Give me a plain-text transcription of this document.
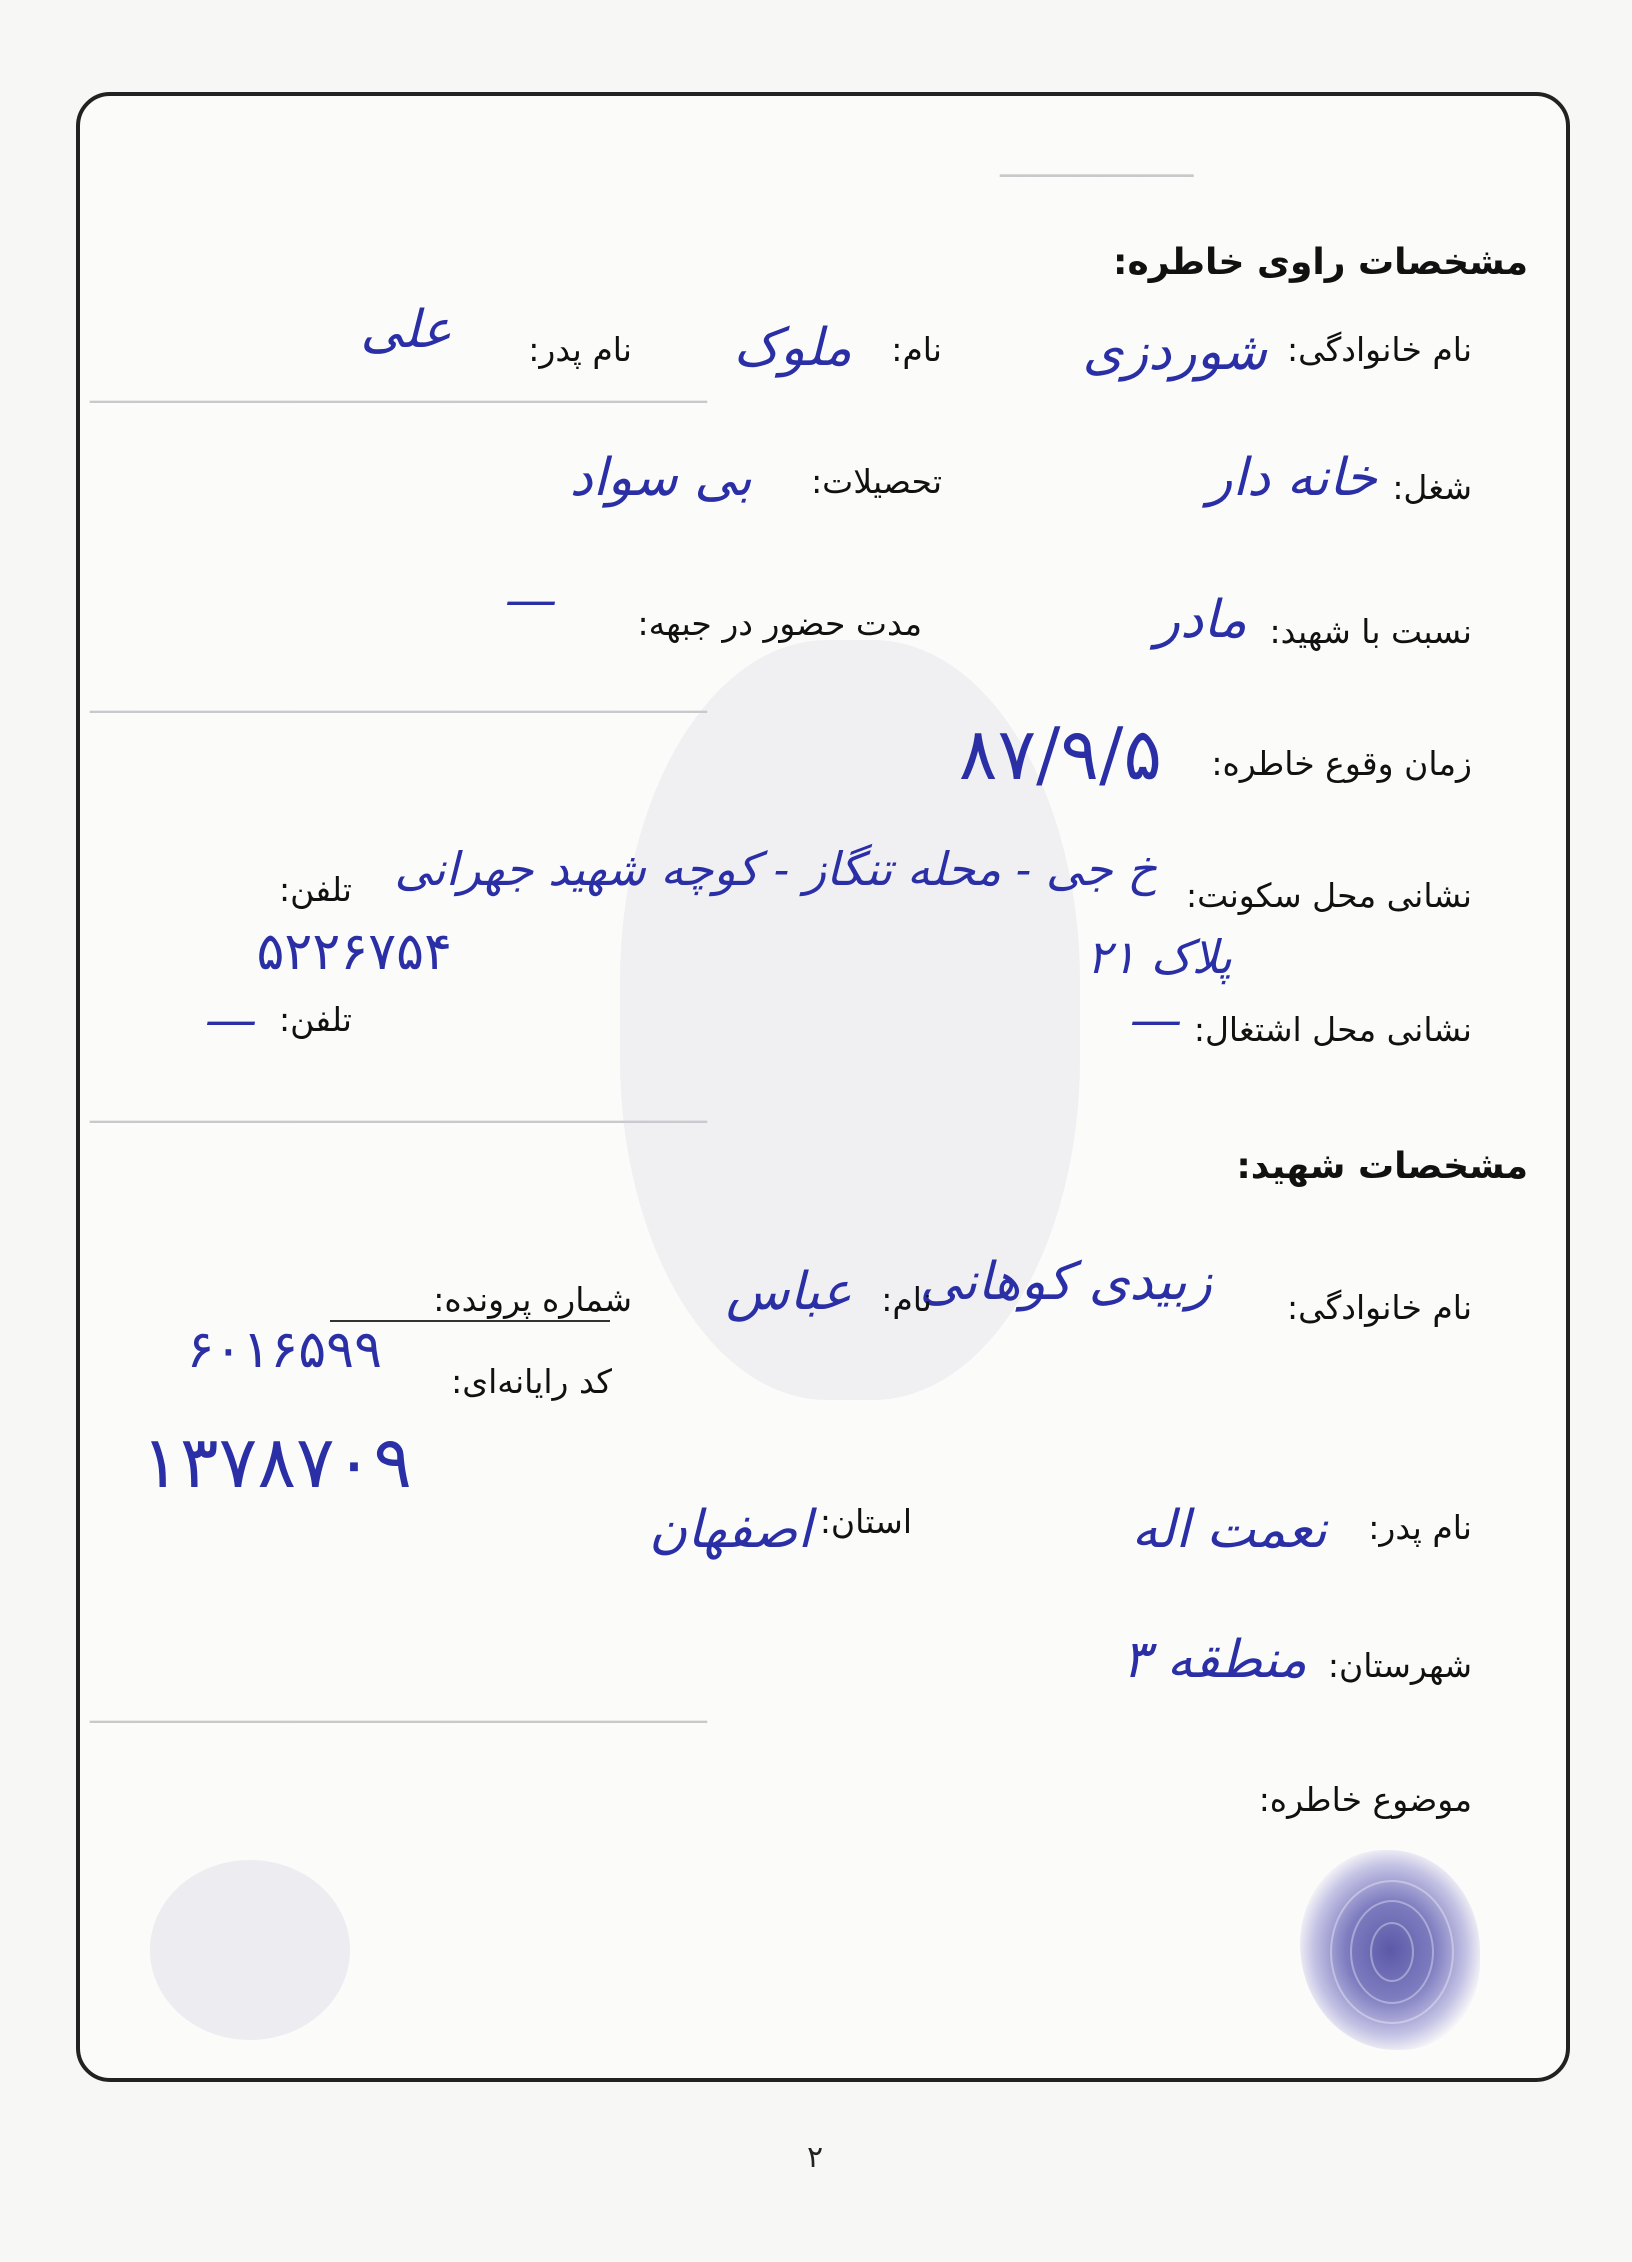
ــــــــــــــــــــــ
ـــــــــــــــــــــــــــــــــــــــــــــــــــــــــــــــــــــــــــــــــ
ـــــــــــــــــــــــــــــــــــــــــــــــــــــــــــــــــــــــــــــــــ
ـــــــــــــــــــــــــــــــــــــــــــــــــــــــــــــــــــــــــــــــــ
ـــــــــــــــــــــــــــــــــــــــــــــــــــــــــــــــــــــــــــــــــ
مشخصات راوی خاطره:
نام خانوادگی:
شوردزی
نام:
ملوک
نام پدر:
علی
شغل:
خانه دار
تحصیلات:
بی سواد
نسبت با شهید:
مادر
مدت حضور در جبهه:
—
زمان وقوع خاطره:
۸۷/۹/۵
نشانی محل سکونت:
خ جی - محله تنگاز - کوچه شهید جهرانی
پلاک ۲۱
تلفن:
۵۲۲۶۷۵۴
نشانی محل اشتغال:
—
تلفن:
—
مشخصات شهید:
نام خانوادگی:
زبیدی کوهانی
نام:
عباس
شماره پرونده:
۶۰۱۶۵۹۹
کد رایانه‌ای:
۱۳۷۸۷۰۹
نام پدر:
نعمت اله
استان:
اصفهان
شهرستان:
منطقه ۳
موضوع خاطره:
۲
